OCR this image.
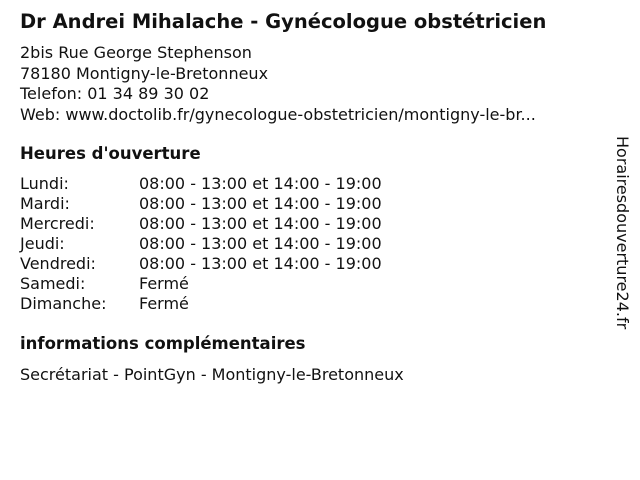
Dr Andrei Mihalache - Gynécologue obstétricien
2bis Rue George Stephenson
78180 Montigny-le-Bretonneux
Telefon: 01 34 89 30 02
Web: www.doctolib.fr/gynecologue-obstetricien/montigny-le-br...
Heures d'ouverture
Lundi:	08:00 - 13:00 et 14:00 - 19:00
Mardi:	08:00 - 13:00 et 14:00 - 19:00
Mercredi:	08:00 - 13:00 et 14:00 - 19:00
Jeudi:	08:00 - 13:00 et 14:00 - 19:00
Vendredi:	08:00 - 13:00 et 14:00 - 19:00
Samedi:	Fermé
Dimanche: Fermé
informations complémentaires
Secrétariat - PointGyn - Montigny-le-Bretonneux
Horairesdouverture24.fr
